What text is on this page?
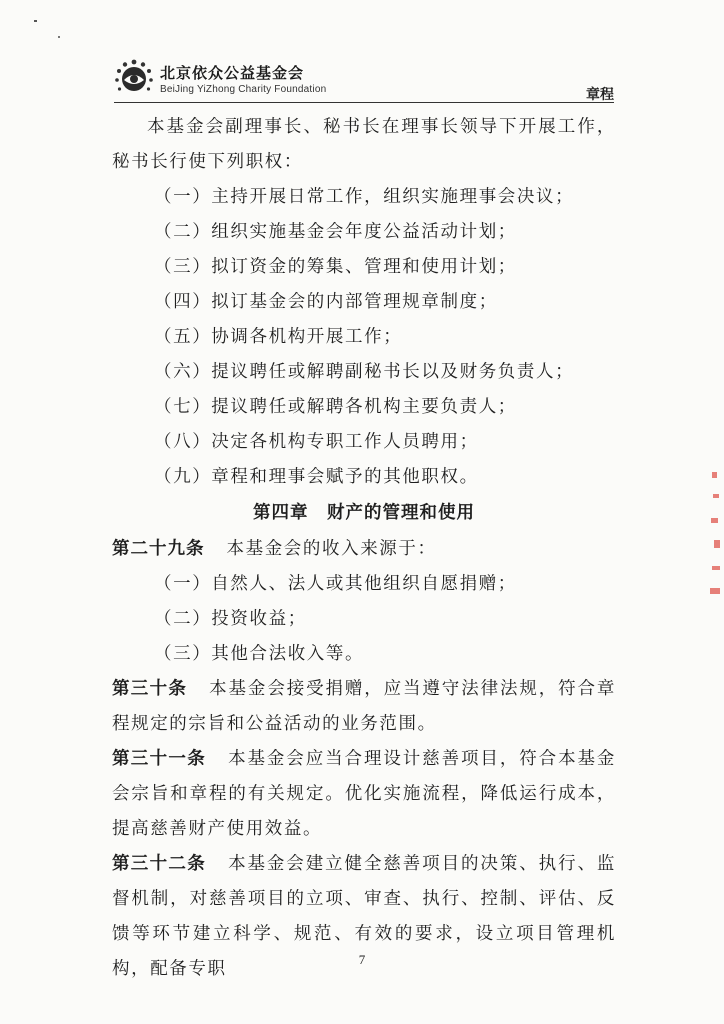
北京依众公益基金会
BeiJing YiZhong Charity Foundation	章程

本基金会副理事长、秘书长在理事长领导下开展工作，秘书长行使下列职权：

（一）主持开展日常工作，组织实施理事会决议；

（二）组织实施基金会年度公益活动计划；

（三）拟订资金的筹集、管理和使用计划；

（四）拟订基金会的内部管理规章制度；

（五）协调各机构开展工作；

（六）提议聘任或解聘副秘书长以及财务负责人；

（七）提议聘任或解聘各机构主要负责人；

（八）决定各机构专职工作人员聘用；

（九）章程和理事会赋予的其他职权。

第四章　财产的管理和使用

第二十九条 本基金会的收入来源于：

（一）自然人、法人或其他组织自愿捐赠；

（二）投资收益；

（三）其他合法收入等。

第三十条 本基金会接受捐赠，应当遵守法律法规，符合章程规定的宗旨和公益活动的业务范围。

第三十一条 本基金会应当合理设计慈善项目，符合本基金会宗旨和章程的有关规定。优化实施流程，降低运行成本，提高慈善财产使用效益。

第三十二条 本基金会建立健全慈善项目的决策、执行、监督机制，对慈善项目的立项、审查、执行、控制、评估、反馈等环节建立科学、规范、有效的要求，设立项目管理机构，配备专职	7
